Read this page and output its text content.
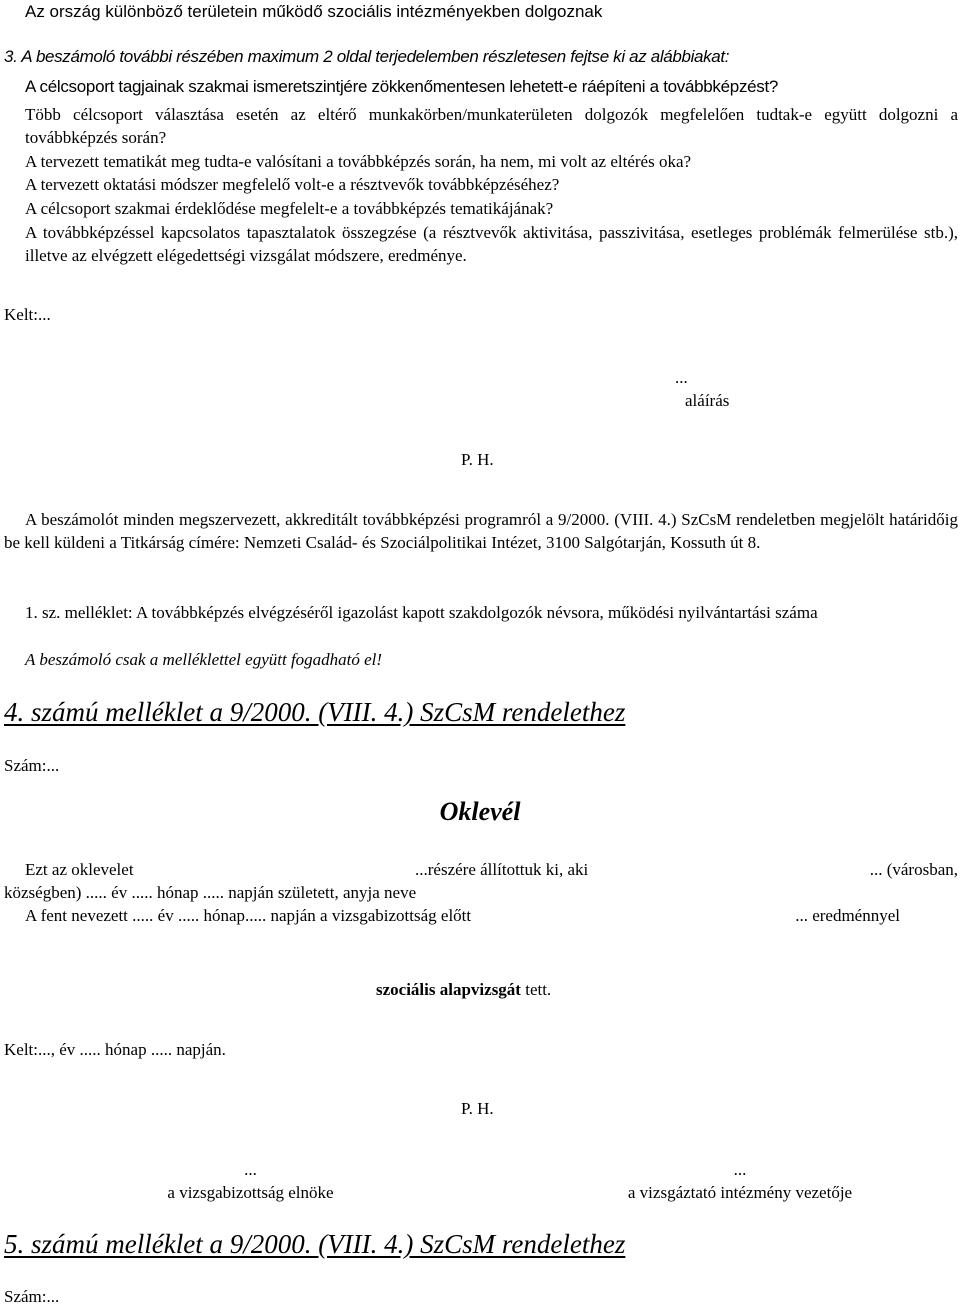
Az ország különböző területein működő szociális intézményekben dolgoznak

3. A beszámoló további részében maximum 2 oldal terjedelemben részletesen fejtse ki az alábbiakat:
A célcsoport tagjainak szakmai ismeretszintjére zökkenőmentesen lehetett-e ráépíteni a továbbképzést?
Több célcsoport választása esetén az eltérő munkakörben/munkaterületen dolgozók megfelelően tudtak-e együtt dolgozni a továbbképzés során?
A tervezett tematikát meg tudta-e valósítani a továbbképzés során, ha nem, mi volt az eltérés oka?
A tervezett oktatási módszer megfelelő volt-e a résztvevők továbbképzéséhez?
A célcsoport szakmai érdeklődése megfelelt-e a továbbképzés tematikájának?
A továbbképzéssel kapcsolatos tapasztalatok összegzése (a résztvevők aktivitása, passzivitása, esetleges problémák felmerülése stb.), illetve az elvégzett elégedettségi vizsgálat módszere, eredménye.
Kelt:...
...
aláírás
P. H.
A beszámolót minden megszervezett, akkreditált továbbképzési programról a 9/2000. (VIII. 4.) SzCsM rendeletben megjelölt határidőig be kell küldeni a Titkárság címére: Nemzeti Család- és Szociálpolitikai Intézet, 3100 Salgótarján, Kossuth út 8.
1. sz. melléklet: A továbbképzés elvégzéséről igazolást kapott szakdolgozók névsora, működési nyilvántartási száma
A beszámoló csak a melléklettel együtt fogadható el!
4. számú melléklet a 9/2000. (VIII. 4.) SzCsM rendelethez
Szám:...
Oklevél
Ezt az oklevelet	...részére állítottuk ki, aki	... (városban,
községben) ..... év ..... hónap ..... napján született, anyja neve
A fent nevezett ..... év ..... hónap..... napján a vizsgabizottság előtt	... eredménnyel
szociális alapvizsgát tett.
Kelt:..., év ..... hónap ..... napján.
P. H.
...
a vizsgabizottság elnöke
...
a vizsgáztató intézmény vezetője
5. számú melléklet a 9/2000. (VIII. 4.) SzCsM rendelethez
Szám:...
